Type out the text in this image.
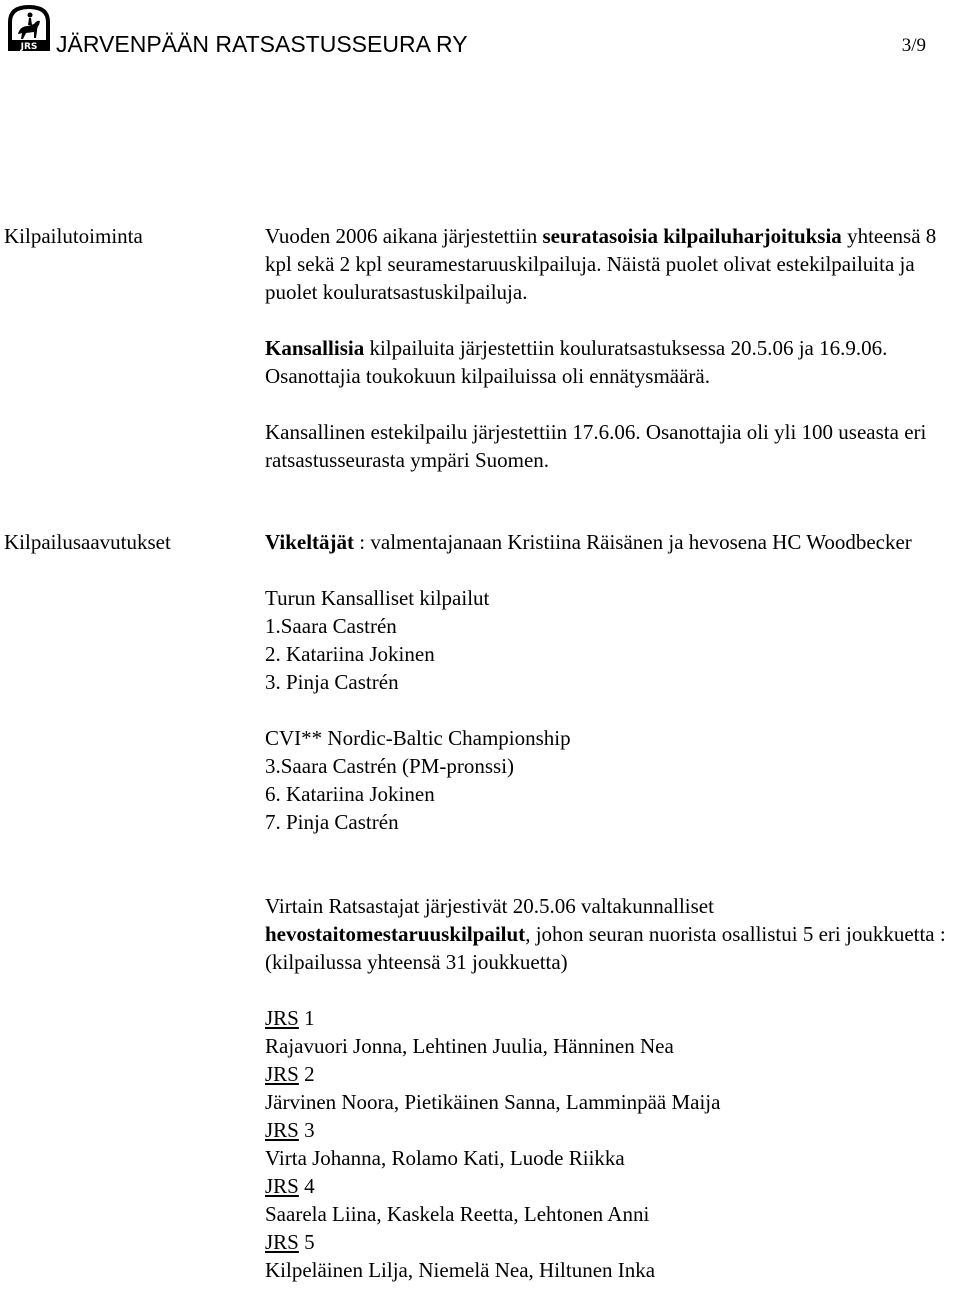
JRS JÄRVENPÄÄN RATSASTUSSEURA RY	3/9
Kilpailutoiminta	Vuoden 2006 aikana järjestettiin seuratasoisia kilpailuharjoituksia yhteensä 8 kpl sekä 2 kpl seuramestaruuskilpailuja. Näistä puolet olivat estekilpailuita ja puolet kouluratsastuskilpailuja.

Kansallisia kilpailuita järjestettiin kouluratsastuksessa 20.5.06 ja 16.9.06. Osanottajia toukokuun kilpailuissa oli ennätysmäärä.

Kansallinen estekilpailu järjestettiin 17.6.06. Osanottajia oli yli 100 useasta eri ratsastusseurasta ympäri Suomen.

Kilpailusaavutukset	Vikeltäjät : valmentajanaan Kristiina Räisänen ja hevosena HC Woodbecker

Turun Kansalliset kilpailut

1.Saara Castrén

2. Katariina Jokinen

3. Pinja Castrén

CVI** Nordic-Baltic Championship

3.Saara Castrén (PM-pronssi)

6. Katariina Jokinen

7. Pinja Castrén

Virtain Ratsastajat järjestivät 20.5.06 valtakunnalliset hevostaitomestaruuskilpailut, johon seuran nuorista osallistui 5 eri joukkuetta : (kilpailussa yhteensä 31 joukkuetta)

JRS 1

Rajavuori Jonna, Lehtinen Juulia, Hänninen Nea

JRS 2

Järvinen Noora, Pietikäinen Sanna, Lamminpää Maija

JRS 3

Virta Johanna, Rolamo Kati, Luode Riikka

JRS 4

Saarela Liina, Kaskela Reetta, Lehtonen Anni

JRS 5

Kilpeläinen Lilja, Niemelä Nea, Hiltunen Inka
